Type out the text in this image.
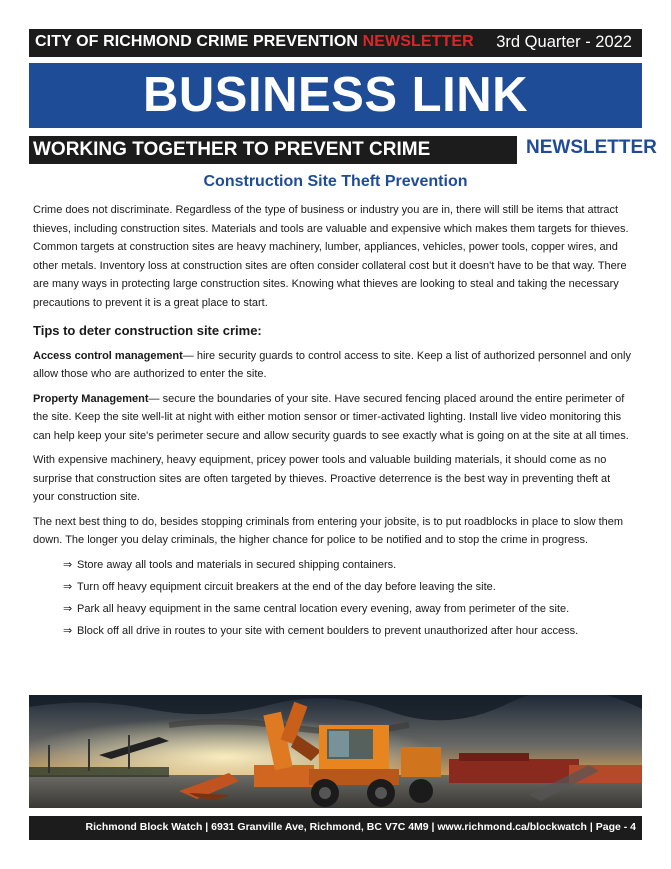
CITY OF RICHMOND CRIME PREVENTION NEWSLETTER 3rd Quarter - 2022
BUSINESS LINK
WORKING TOGETHER TO PREVENT CRIME	NEWSLETTER
Construction Site Theft Prevention

Crime does not discriminate. Regardless of the type of business or industry you are in, there will still be items that attract thieves, including construction sites. Materials and tools are valuable and expensive which makes them targets for thieves. Common targets at construction sites are heavy machinery, lumber, appliances, vehicles, power tools, copper wires, and other metals. Inventory loss at construction sites are often consider collateral cost but it doesn't have to be that way. There are many ways in protecting large construction sites. Knowing what thieves are looking to steal and taking the necessary precautions to prevent it is a great place to start.

Tips to deter construction site crime:

Access control management— hire security guards to control access to site. Keep a list of authorized personnel and only allow those who are authorized to enter the site.

Property Management— secure the boundaries of your site. Have secured fencing placed around the entire perimeter of the site. Keep the site well-lit at night with either motion sensor or timer-activated lighting. Install live video monitoring this can help keep your site's perimeter secure and allow security guards to see exactly what is going on at the site at all times.

With expensive machinery, heavy equipment, pricey power tools and valuable building materials, it should come as no surprise that construction sites are often targeted by thieves. Proactive deterrence is the best way in preventing theft at your construction site.

The next best thing to do, besides stopping criminals from entering your jobsite, is to put roadblocks in place to slow them down. The longer you delay criminals, the higher chance for police to be notified and to stop the crime in progress.

⇒ Store away all tools and materials in secured shipping containers.
⇒ Turn off heavy equipment circuit breakers at the end of the day before leaving the site.
⇒ Park all heavy equipment in the same central location every evening, away from perimeter of the site.
⇒ Block off all drive in routes to your site with cement boulders to prevent unauthorized after hour access.
Richmond Block Watch | 6931 Granville Ave, Richmond, BC V7C 4M9 | www.richmond.ca/blockwatch | Page - 4
